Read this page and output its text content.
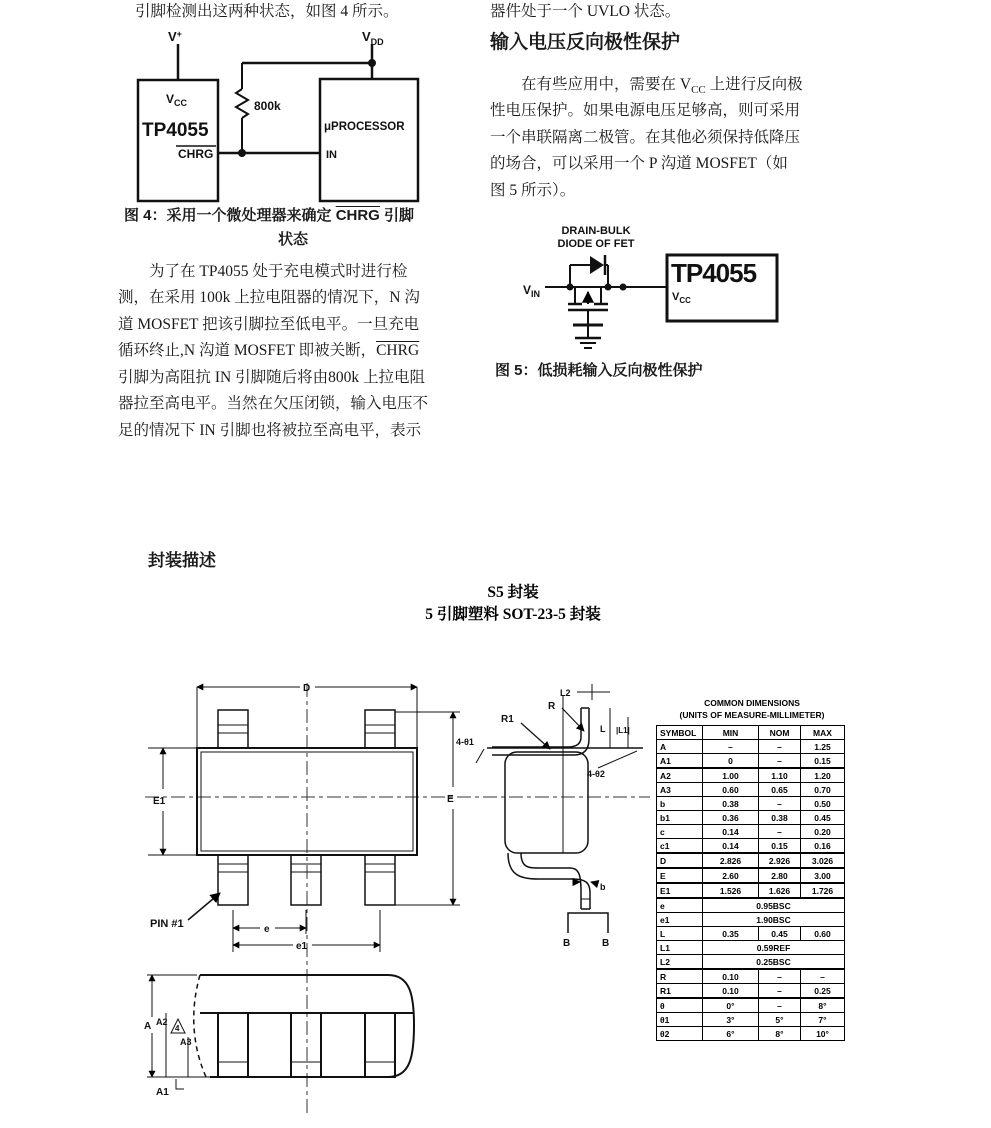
引脚检测出这两种状态，如图 4 所示。
V+	$V_{DD}$
$V_{CC}$
TP4055
CHRG
800k
μPROCESSOR
IN
图 4：采用一个微处理器来确定 CHRG 引脚
状态
为了在 TP4055 处于充电模式时进行检
测，在采用 100k 上拉电阻器的情况下，N 沟
道 MOSFET 把该引脚拉至低电平。一旦充电
循环终止,N 沟道 MOSFET 即被关断，CHRG
引脚为高阻抗 IN 引脚随后将由800k 上拉电阻
器拉至高电平。当然在欠压闭锁，输入电压不
足的情况下 IN 引脚也将被拉至高电平，表示
器件处于一个 UVLO 状态。
输入电压反向极性保护
在有些应用中，需要在 $V_{CC}$ 上进行反向极
性电压保护。如果电源电压足够高，则可采用
一个串联隔离二极管。在其他必须保持低降压
的场合，可以采用一个 P 沟道 MOSFET（如
图 5 所示）。
DRAIN-BULK
DIODE OF FET
$V_{IN}$
TP4055
$V_{CC}$
图 5：低损耗输入反向极性保护
封装描述
S5 封装
5 引脚塑料 SOT-23-5 封装
D
E1	E
PIN #1	e
e1
A A2
4
A3
A1
L2
R
R1
L |L1|
4-θ1
4-θ2
b
B	B
COMMON DIMENSIONS
(UNITS OF MEASURE-MILLIMETER)
SYMBOL	MIN	NOM	MAX
A	–	–	1.25
A1	0	–	0.15
A2	1.00	1.10	1.20
A3	0.60	0.65	0.70
b	0.38	–	0.50
b1	0.36	0.38	0.45
c	0.14	–	0.20
c1	0.14	0.15	0.16
D	2.826	2.926	3.026
E	2.60	2.80	3.00
E1	1.526	1.626	1.726
e	0.95BSC		
e1	1.90BSC		
L	0.35	0.45	0.60
L1	0.59REF		
L2	0.25BSC		
R	0.10	–	–
R1	0.10	–	0.25
θ	0°	–	8°
θ1	3°	5°	7°
θ2	6°	8°	10°
